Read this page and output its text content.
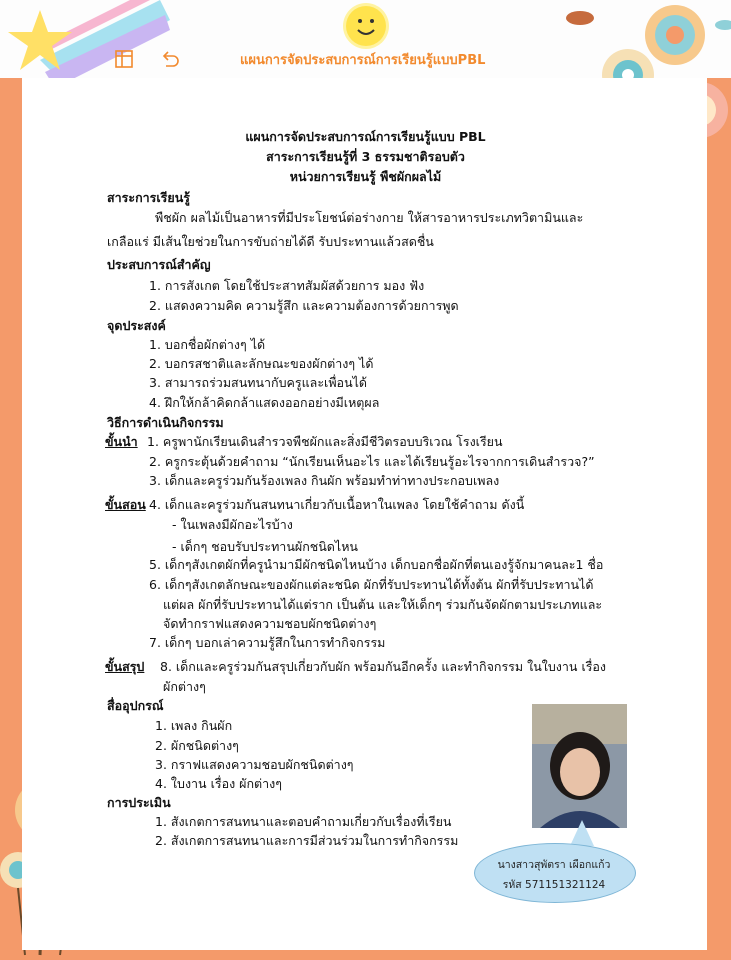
แผนการจัดประสบการณ์การเรียนรู้แบบPBL
แผนการจัดประสบการณ์การเรียนรู้แบบ PBL
สาระการเรียนรู้ที่ 3 ธรรมชาติรอบตัว
หน่วยการเรียนรู้ พืชผักผลไม้
สาระการเรียนรู้
พืชผัก ผลไม้เป็นอาหารที่มีประโยชน์ต่อร่างกาย ให้สารอาหารประเภทวิตามินและ
เกลือแร่ มีเส้นใยช่วยในการขับถ่ายได้ดี รับประทานแล้วสดชื่น
ประสบการณ์สำคัญ
1. การสังเกต โดยใช้ประสาทสัมผัสด้วยการ มอง ฟัง
2. แสดงความคิด ความรู้สึก และความต้องการด้วยการพูด
จุดประสงค์
1. บอกชื่อผักต่างๆ ได้
2. บอกรสชาติและลักษณะของผักต่างๆ ได้
3. สามารถร่วมสนทนากับครูและเพื่อนได้
4. ฝึกให้กล้าคิดกล้าแสดงออกอย่างมีเหตุผล
วิธีการดำเนินกิจกรรม
ขั้นนำ 1. ครูพานักเรียนเดินสำรวจพืชผักและสิ่งมีชีวิตรอบบริเวณ โรงเรียน
2. ครูกระตุ้นด้วยคำถาม “นักเรียนเห็นอะไร และได้เรียนรู้อะไรจากการเดินสำรวจ?”
3. เด็กและครูร่วมกันร้องเพลง กินผัก พร้อมทำท่าทางประกอบเพลง
ขั้นสอน 4. เด็กและครูร่วมกันสนทนาเกี่ยวกับเนื้อหาในเพลง โดยใช้คำถาม ดังนี้
- ในเพลงมีผักอะไรบ้าง
- เด็กๆ ชอบรับประทานผักชนิดไหน
5. เด็กๆสังเกตผักที่ครูนำมามีผักชนิดไหนบ้าง เด็กบอกชื่อผักที่ตนเองรู้จักมาคนละ1 ชื่อ
6. เด็กๆสังเกตลักษณะของผักแต่ละชนิด ผักที่รับประทานได้ทั้งต้น ผักที่รับประทานได้
แต่ผล ผักที่รับประทานได้แต่ราก เป็นต้น และให้เด็กๆ ร่วมกันจัดผักตามประเภทและ
จัดทำกราฟแสดงความชอบผักชนิดต่างๆ
7. เด็กๆ บอกเล่าความรู้สึกในการทำกิจกรรม
ขั้นสรุป 8. เด็กและครูร่วมกันสรุปเกี่ยวกับผัก พร้อมกันอีกครั้ง และทำกิจกรรม ในใบงาน เรื่อง
ผักต่างๆ
สื่ออุปกรณ์
1. เพลง กินผัก
2. ผักชนิดต่างๆ
3. กราฟแสดงความชอบผักชนิดต่างๆ
4. ใบงาน เรื่อง ผักต่างๆ
การประเมิน
1. สังเกตการสนทนาและตอบคำถามเกี่ยวกับเรื่องที่เรียน
2. สังเกตการสนทนาและการมีส่วนร่วมในการทำกิจกรรม
นางสาวสุพัตรา เผือกแก้ว
รหัส 571151321124
